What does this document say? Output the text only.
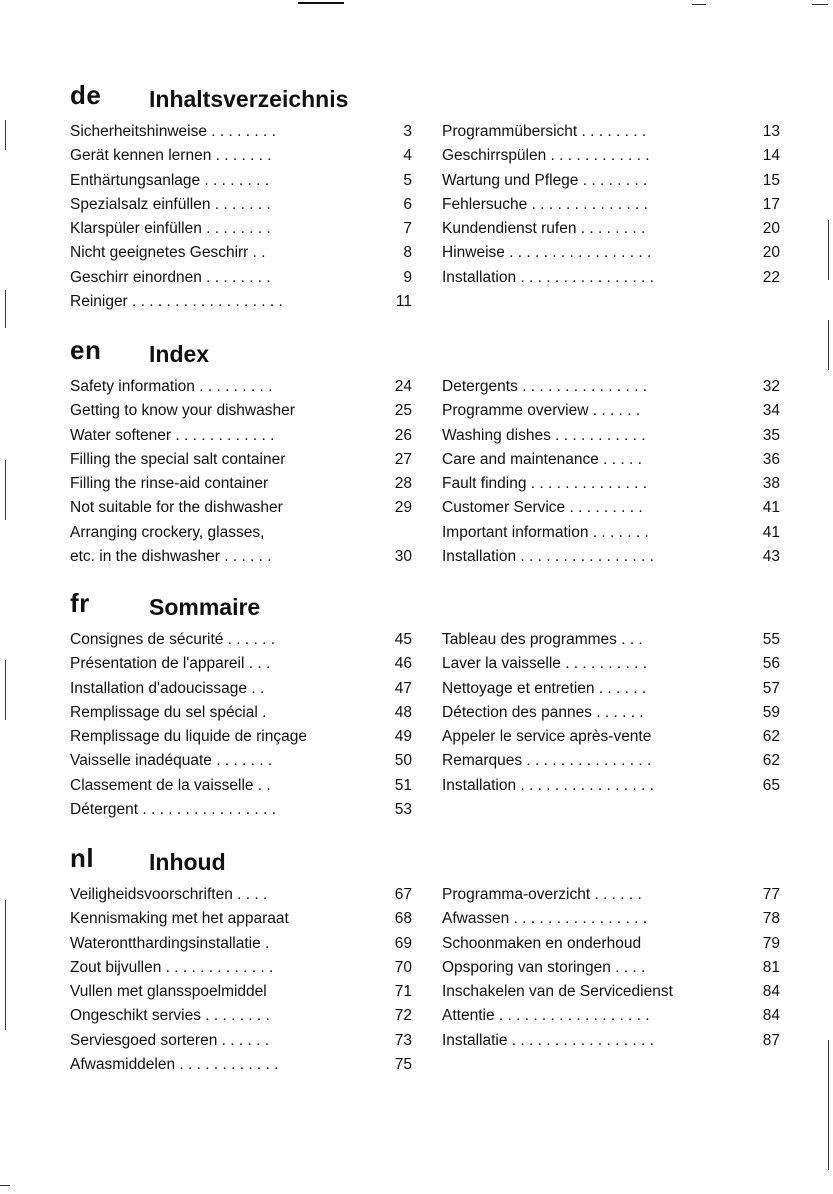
de Inhaltsverzeichnis
Sicherheitshinweise . . . . . . . .	3
Gerät kennen lernen . . . . . . .	4
Enthärtungsanlage . . . . . . . .	5
Spezialsalz einfüllen . . . . . . .	6
Klarspüler einfüllen . . . . . . . .	7
Nicht geeignetes Geschirr . .	8
Geschirr einordnen . . . . . . . .	9
Reiniger . . . . . . . . . . . . . . . . . .	11
Programmübersicht . . . . . . . .	13
Geschirrspülen . . . . . . . . . . . .	14
Wartung und Pflege . . . . . . . .	15
Fehlersuche . . . . . . . . . . . . . .	17
Kundendienst rufen . . . . . . . .	20
Hinweise . . . . . . . . . . . . . . . . .	20
Installation . . . . . . . . . . . . . . . .	22
en Index
Safety information . . . . . . . . .	24
Getting to know your dishwasher	25
Water softener . . . . . . . . . . . .	26
Filling the special salt container	27
Filling the rinse-aid container	28
Not suitable for the dishwasher	29
Arranging crockery, glasses,
etc. in the dishwasher . . . . . .	30
Detergents . . . . . . . . . . . . . . .	32
Programme overview . . . . . .	34
Washing dishes . . . . . . . . . . .	35
Care and maintenance . . . . .	36
Fault finding . . . . . . . . . . . . . .	38
Customer Service . . . . . . . . .	41
Important information . . . . . . .	41
Installation . . . . . . . . . . . . . . . .	43
fr	Sommaire
Consignes de sécurité . . . . . .	45
Présentation de l'appareil . . .	46
Installation d'adoucissage . .	47
Remplissage du sel spécial .	48
Remplissage du liquide de rinçage	49
Vaisselle inadéquate . . . . . . .	50
Classement de la vaisselle . .	51
Détergent . . . . . . . . . . . . . . . .	53
Tableau des programmes . . .	55
Laver la vaisselle . . . . . . . . . .	56
Nettoyage et entretien . . . . . .	57
Détection des pannes . . . . . .	59
Appeler le service après-vente	62
Remarques . . . . . . . . . . . . . . .	62
Installation . . . . . . . . . . . . . . . .	65
nl Inhoud
Veiligheidsvoorschriften . . . .	67
Kennismaking met het apparaat	68
Waterontthardingsinstallatie .	69
Zout bijvullen . . . . . . . . . . . . .	70
Vullen met glansspoelmiddel	71
Ongeschikt servies . . . . . . . .	72
Serviesgoed sorteren . . . . . .	73
Afwasmiddelen . . . . . . . . . . . .	75
Programma-overzicht . . . . . .	77
Afwassen . . . . . . . . . . . . . . . .	78
Schoonmaken en onderhoud	79
Opsporing van storingen . . . .	81
Inschakelen van de Servicedienst	84
Attentie . . . . . . . . . . . . . . . . . .	84
Installatie . . . . . . . . . . . . . . . . .	87
